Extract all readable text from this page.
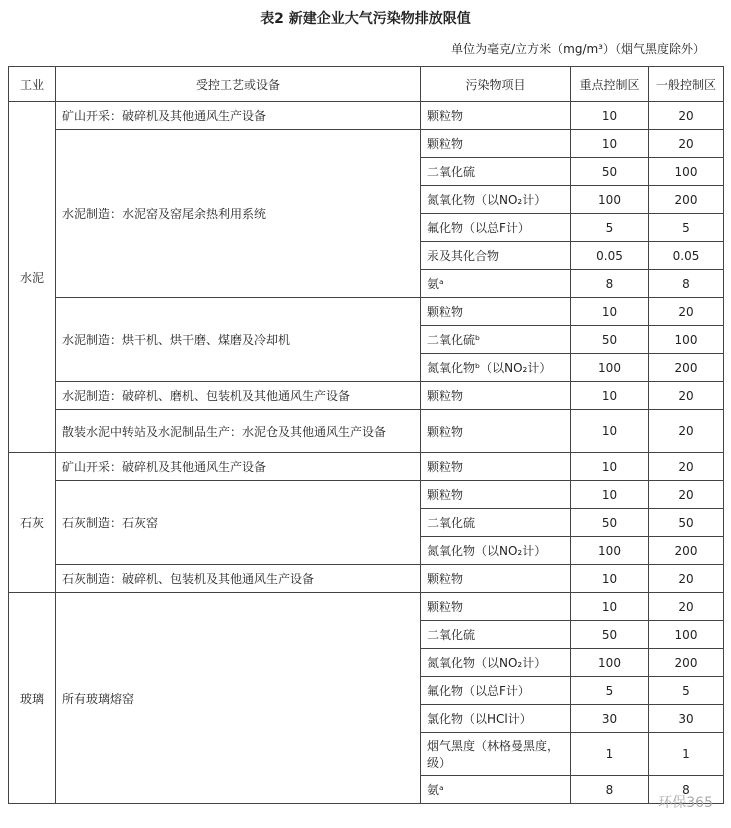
表2 新建企业大气污染物排放限值
单位为毫克/立方米（mg/m³）（烟气黑度除外）
工业	受控工艺或设备	污染物项目	重点控制区	一般控制区
水泥	矿山开采：破碎机及其他通风生产设备	颗粒物	10	20
	水泥制造：水泥窑及窑尾余热利用系统	颗粒物	10	20
		二氧化硫	50	100
		氮氧化物（以NO₂计）	100	200
		氟化物（以总F计）	5	5
		汞及其化合物	0.05	0.05
		氨ᵃ	8	8
	水泥制造：烘干机、烘干磨、煤磨及冷却机	颗粒物	10	20
		二氧化硫ᵇ	50	100
		氮氧化物ᵇ（以NO₂计）	100	200
	水泥制造：破碎机、磨机、包装机及其他通风生产设备	颗粒物	10	20
	散装水泥中转站及水泥制品生产：水泥仓及其他通风生产设备	颗粒物	10	20
石灰	矿山开采：破碎机及其他通风生产设备	颗粒物	10	20
	石灰制造：石灰窑	颗粒物	10	20
		二氧化硫	50	50
		氮氧化物（以NO₂计）	100	200
	石灰制造：破碎机、包装机及其他通风生产设备	颗粒物	10	20
玻璃	所有玻璃熔窑	颗粒物	10	20
		二氧化硫	50	100
		氮氧化物（以NO₂计）	100	200
		氟化物（以总F计）	5	5
		氯化物（以HCl计）	30	30
		烟气黑度（林格曼黑度，级）	1	1
		氨ᵃ	8	8
环保365
